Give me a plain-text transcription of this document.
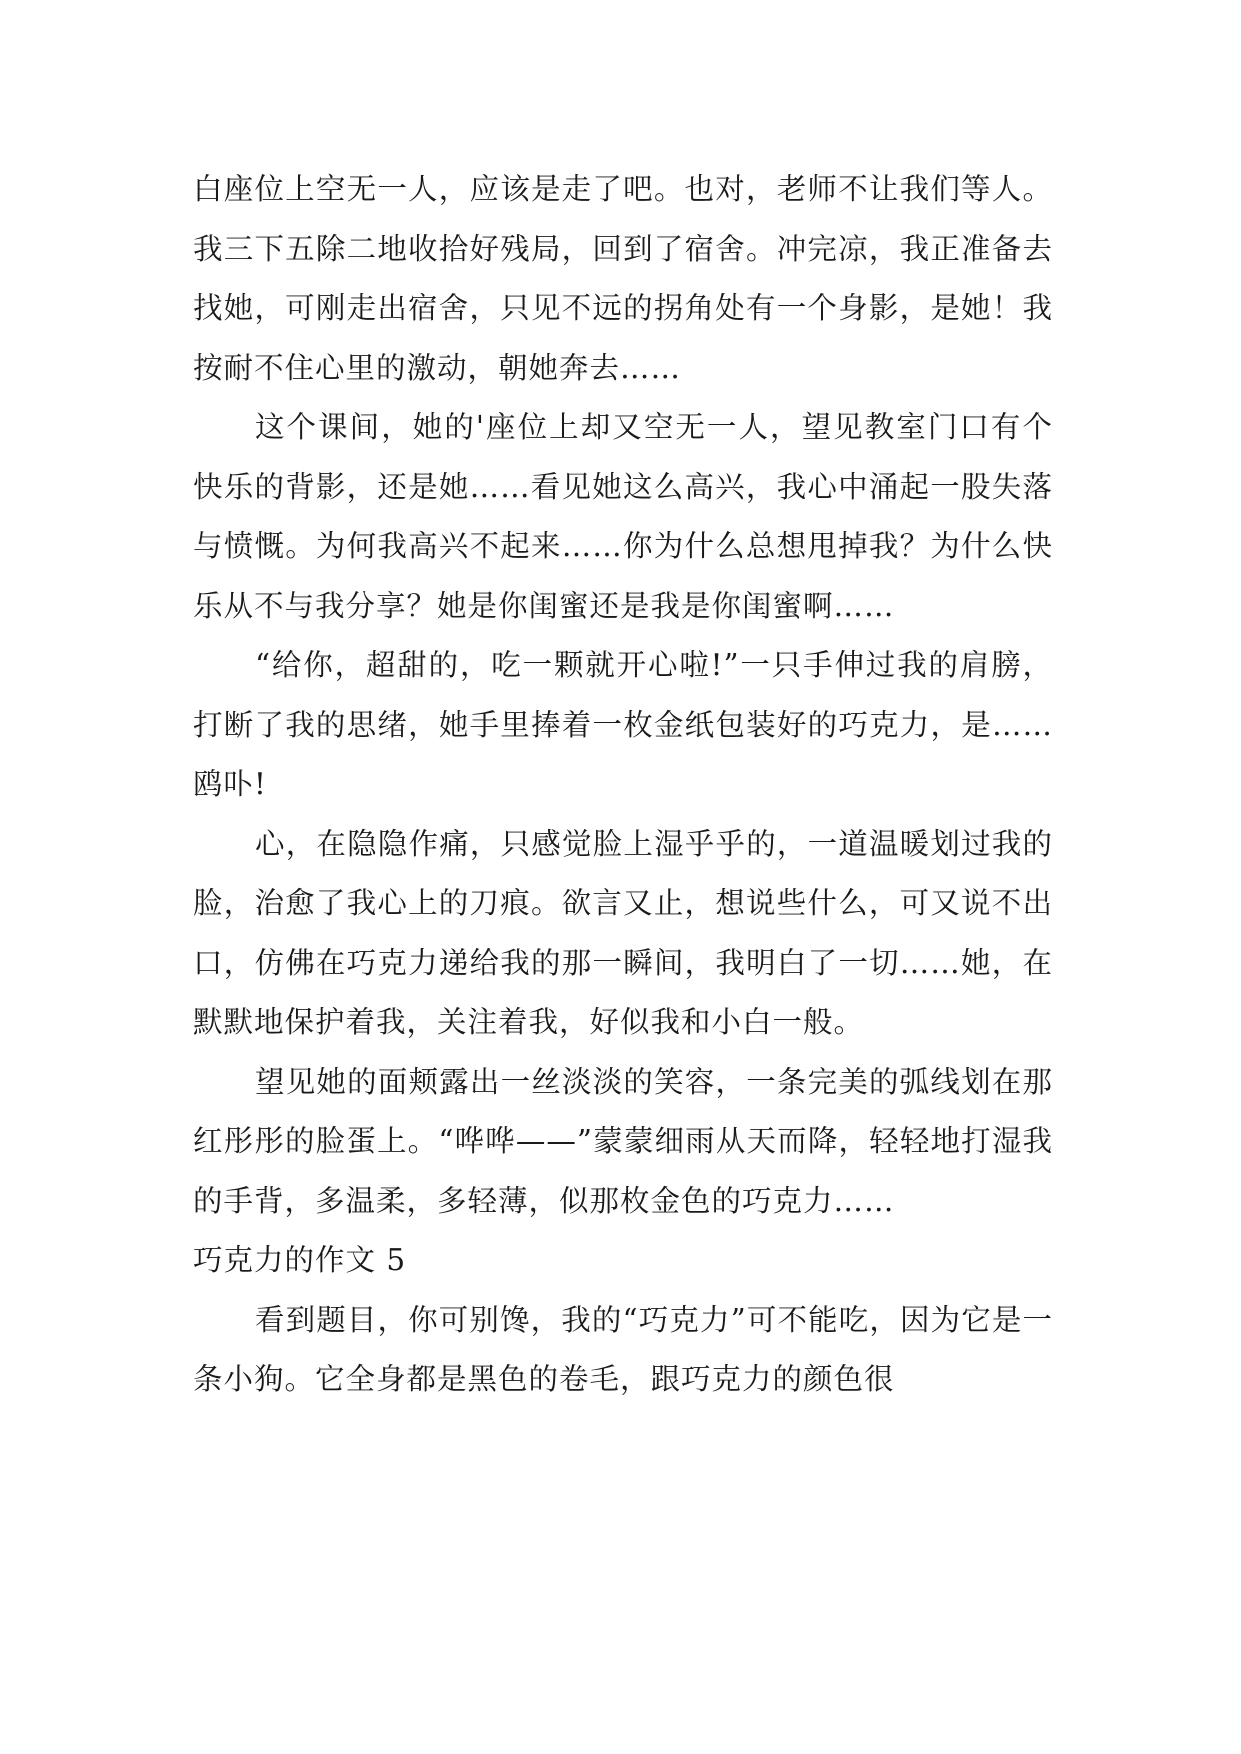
白座位上空无一人，应该是走了吧。也对，老师不让我们等人。我三下五除二地收拾好残局，回到了宿舍。冲完凉，我正准备去找她，可刚走出宿舍，只见不远的拐角处有一个身影，是她！我按耐不住心里的激动，朝她奔去……

这个课间，她的'座位上却又空无一人，望见教室门口有个快乐的背影，还是她……看见她这么高兴，我心中涌起一股失落与愤慨。为何我高兴不起来……你为什么总想甩掉我？为什么快乐从不与我分享？她是你闺蜜还是我是你闺蜜啊……

“给你，超甜的，吃一颗就开心啦!”一只手伸过我的肩膀，打断了我的思绪，她手里捧着一枚金纸包装好的巧克力，是……鸥卟!

心，在隐隐作痛，只感觉脸上湿乎乎的，一道温暖划过我的脸，治愈了我心上的刀痕。欲言又止，想说些什么，可又说不出口，仿佛在巧克力递给我的那一瞬间，我明白了一切……她，在默默地保护着我，关注着我，好似我和小白一般。

望见她的面颊露出一丝淡淡的笑容，一条完美的弧线划在那红彤彤的脸蛋上。“哗哗——”蒙蒙细雨从天而降，轻轻地打湿我的手背，多温柔，多轻薄，似那枚金色的巧克力……

巧克力的作文 5

看到题目，你可别馋，我的“巧克力”可不能吃，因为它是一条小狗。它全身都是黑色的卷毛，跟巧克力的颜色很
